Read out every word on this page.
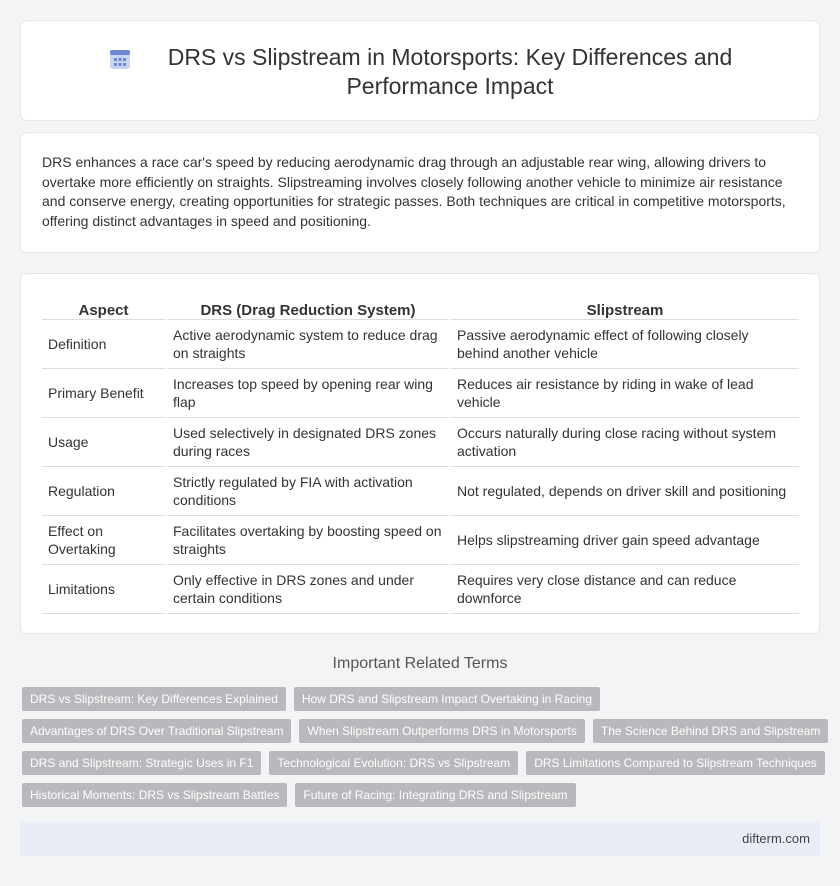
DRS vs Slipstream in Motorsports: Key Differences and Performance Impact

DRS enhances a race car's speed by reducing aerodynamic drag through an adjustable rear wing, allowing drivers to overtake more efficiently on straights. Slipstreaming involves closely following another vehicle to minimize air resistance and conserve energy, creating opportunities for strategic passes. Both techniques are critical in competitive motorsports, offering distinct advantages in speed and positioning.

Aspect	DRS (Drag Reduction System)	Slipstream
Definition	Active aerodynamic system to reduce drag on straights	Passive aerodynamic effect of following closely behind another vehicle
Primary Benefit	Increases top speed by opening rear wing flap	Reduces air resistance by riding in wake of lead vehicle
Usage	Used selectively in designated DRS zones during races	Occurs naturally during close racing without system activation
Regulation	Strictly regulated by FIA with activation conditions	Not regulated, depends on driver skill and positioning
Effect on Overtaking	Facilitates overtaking by boosting speed on straights	Helps slipstreaming driver gain speed advantage
Limitations	Only effective in DRS zones and under certain conditions	Requires very close distance and can reduce downforce
Important Related Terms
DRS vs Slipstream: Key Differences Explained	How DRS and Slipstream Impact Overtaking in Racing
Advantages of DRS Over Traditional Slipstream	When Slipstream Outperforms DRS in Motorsports	The Science Behind DRS and Slipstream
DRS and Slipstream: Strategic Uses in F1	Technological Evolution: DRS vs Slipstream	DRS Limitations Compared to Slipstream Techniques
Historical Moments: DRS vs Slipstream Battles	Future of Racing: Integrating DRS and Slipstream
difterm.com
